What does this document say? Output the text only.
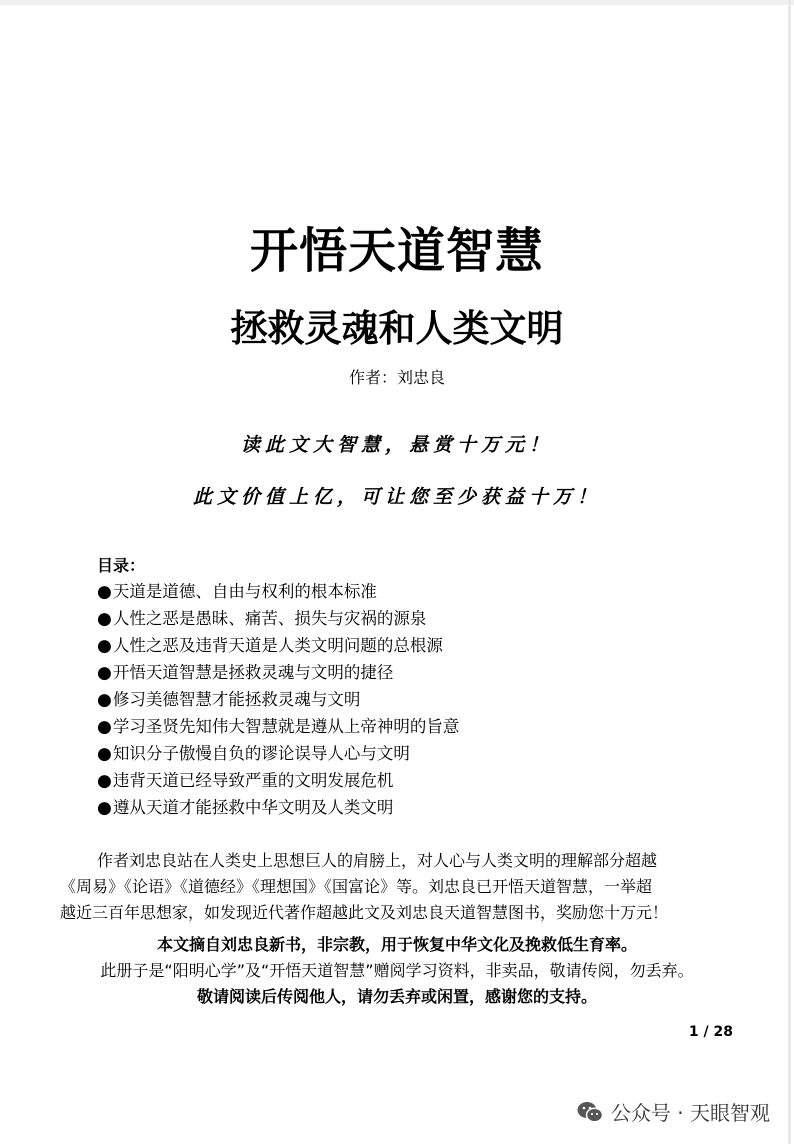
开悟天道智慧
拯救灵魂和人类文明
作者：刘忠良
读此文大智慧，悬赏十万元！
此文价值上亿，可让您至少获益十万！
目录：
●天道是道德、自由与权利的根本标准
●人性之恶是愚昧、痛苦、损失与灾祸的源泉
●人性之恶及违背天道是人类文明问题的总根源
●开悟天道智慧是拯救灵魂与文明的捷径
●修习美德智慧才能拯救灵魂与文明
●学习圣贤先知伟大智慧就是遵从上帝神明的旨意
●知识分子傲慢自负的谬论误导人心与文明
●违背天道已经导致严重的文明发展危机
●遵从天道才能拯救中华文明及人类文明
作者刘忠良站在人类史上思想巨人的肩膀上，对人心与人类文明的理解部分超越
《周易》《论语》《道德经》《理想国》《国富论》等。刘忠良已开悟天道智慧，一举超
越近三百年思想家，如发现近代著作超越此文及刘忠良天道智慧图书，奖励您十万元！
本文摘自刘忠良新书，非宗教，用于恢复中华文化及挽救低生育率。
此册子是“阳明心学”及“开悟天道智慧”赠阅学习资料，非卖品，敬请传阅，勿丢弃。
敬请阅读后传阅他人，请勿丢弃或闲置，感谢您的支持。
1 / 28
公众号 · 天眼智观
